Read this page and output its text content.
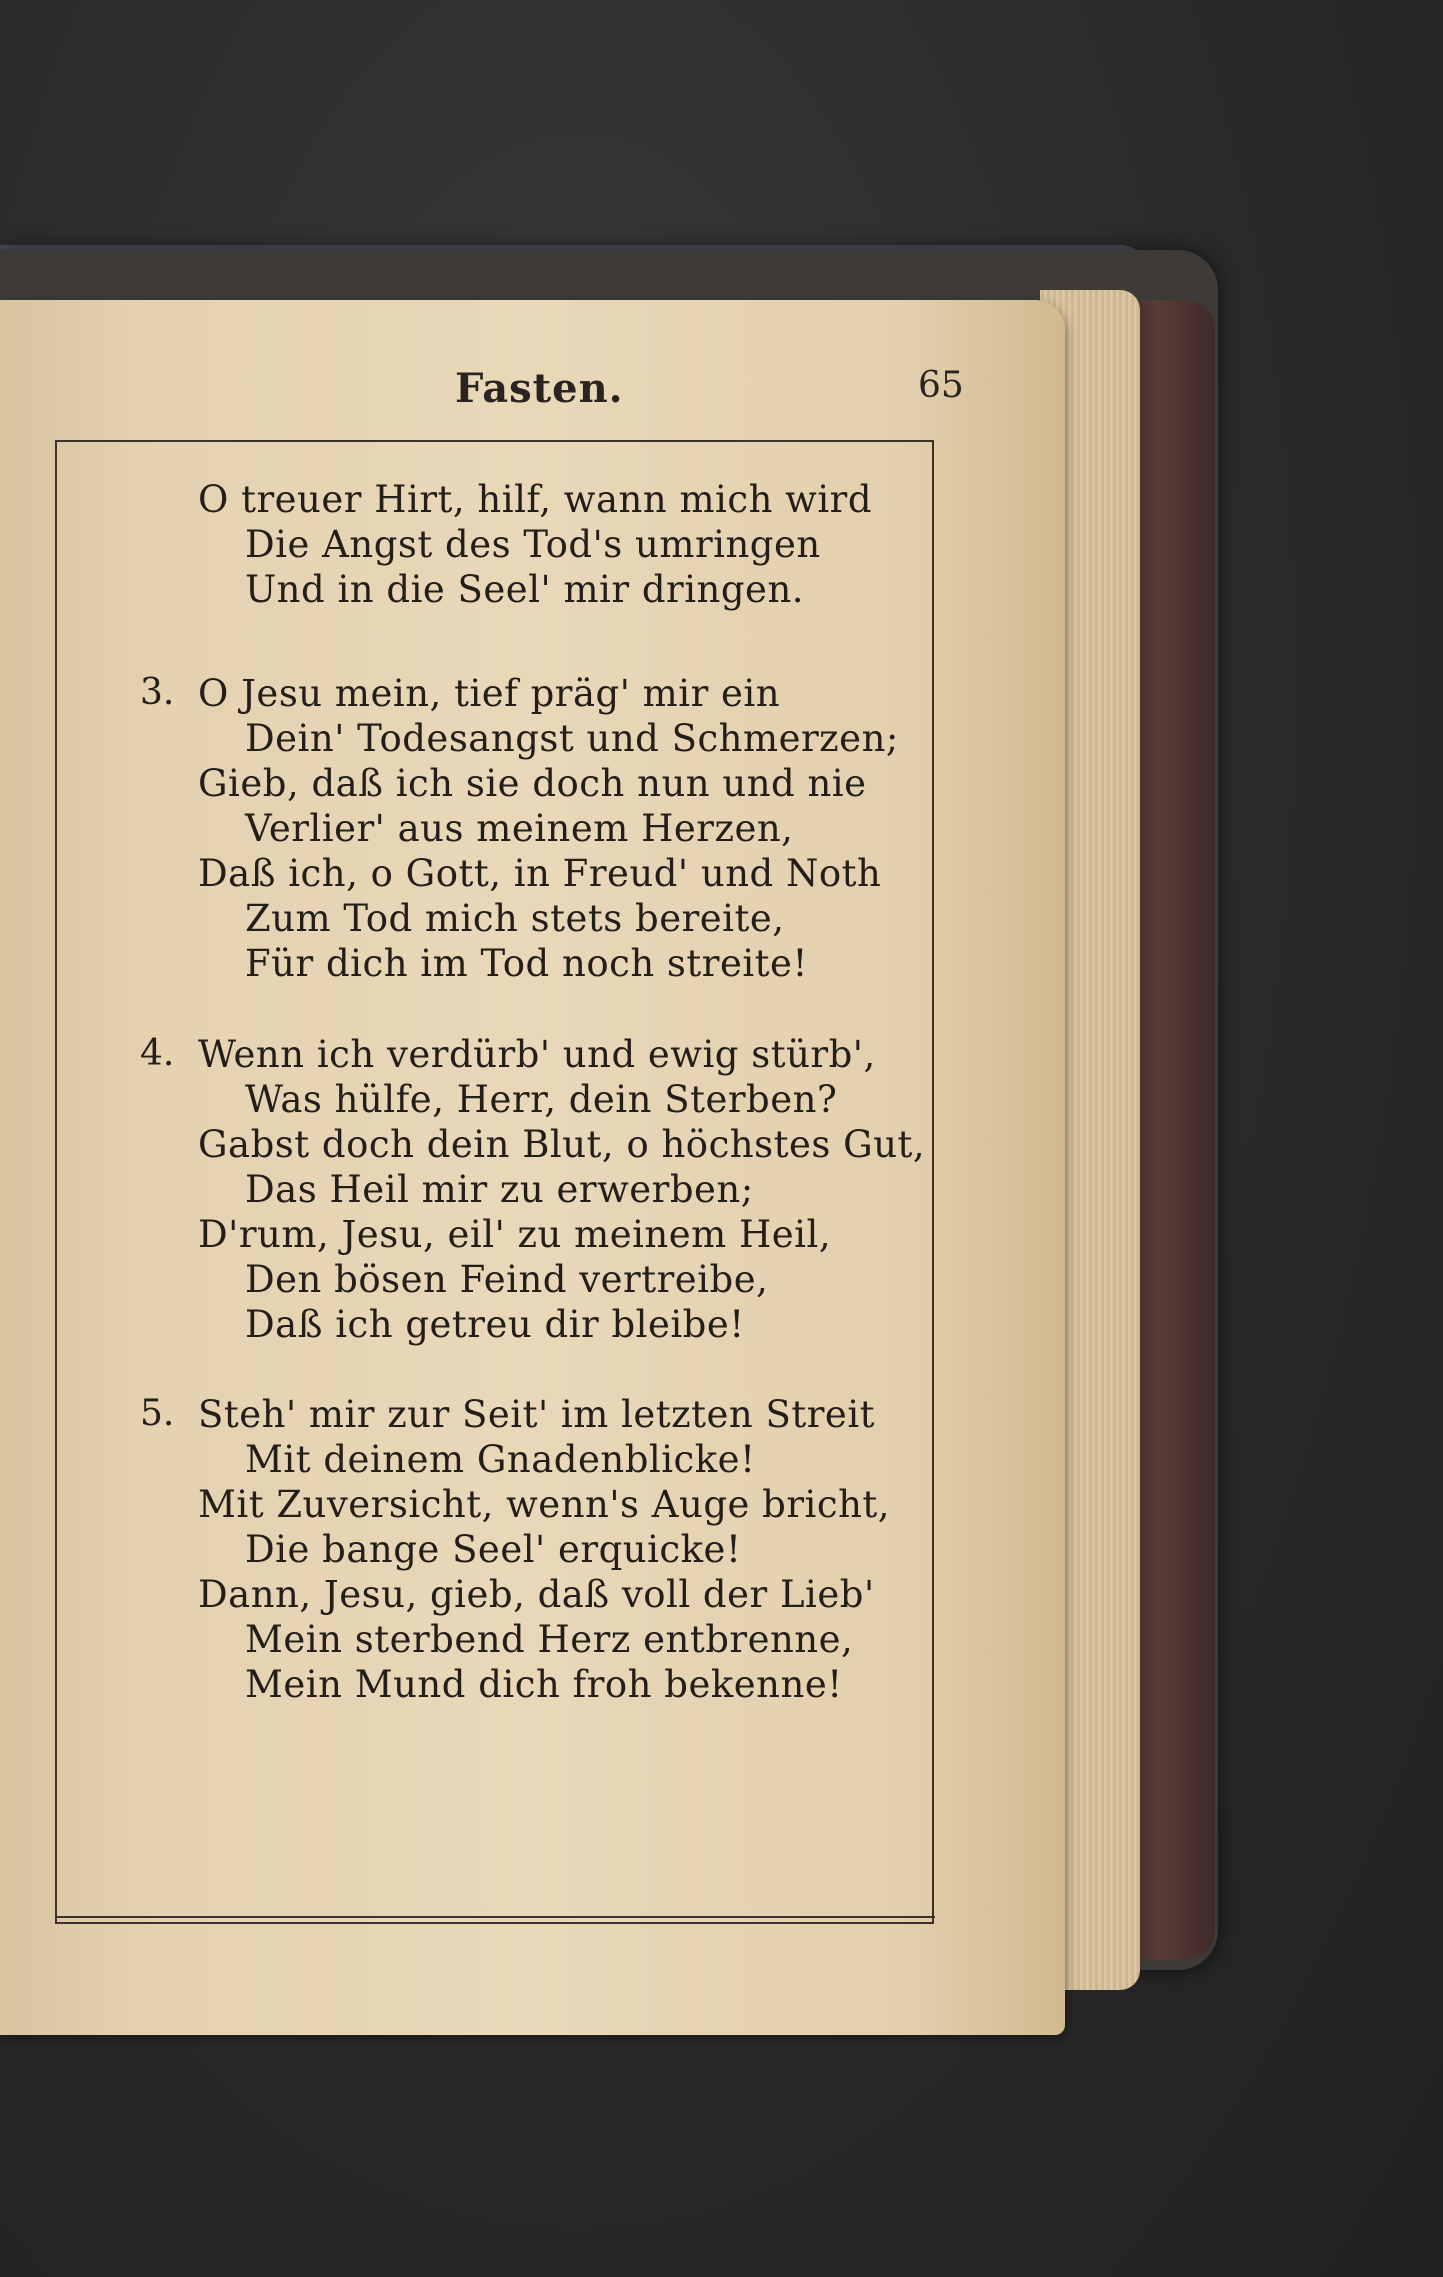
Fasten.	65
O treuer Hirt, hilf, wann mich wird
Die Angst des Tod's umringen
Und in die Seel' mir dringen.
3. O Jesu mein, tief präg' mir ein
Dein' Todesangst und Schmerzen;
Gieb, daß ich sie doch nun und nie
Verlier' aus meinem Herzen,
Daß ich, o Gott, in Freud' und Noth
Zum Tod mich stets bereite,
Für dich im Tod noch streite!
4. Wenn ich verdürb' und ewig stürb',
Was hülfe, Herr, dein Sterben?
Gabst doch dein Blut, o höchstes Gut,
Das Heil mir zu erwerben;
D'rum, Jesu, eil' zu meinem Heil,
Den bösen Feind vertreibe,
Daß ich getreu dir bleibe!
5. Steh' mir zur Seit' im letzten Streit
Mit deinem Gnadenblicke!
Mit Zuversicht, wenn's Auge bricht,
Die bange Seel' erquicke!
Dann, Jesu, gieb, daß voll der Lieb'
Mein sterbend Herz entbrenne,
Mein Mund dich froh bekenne!
